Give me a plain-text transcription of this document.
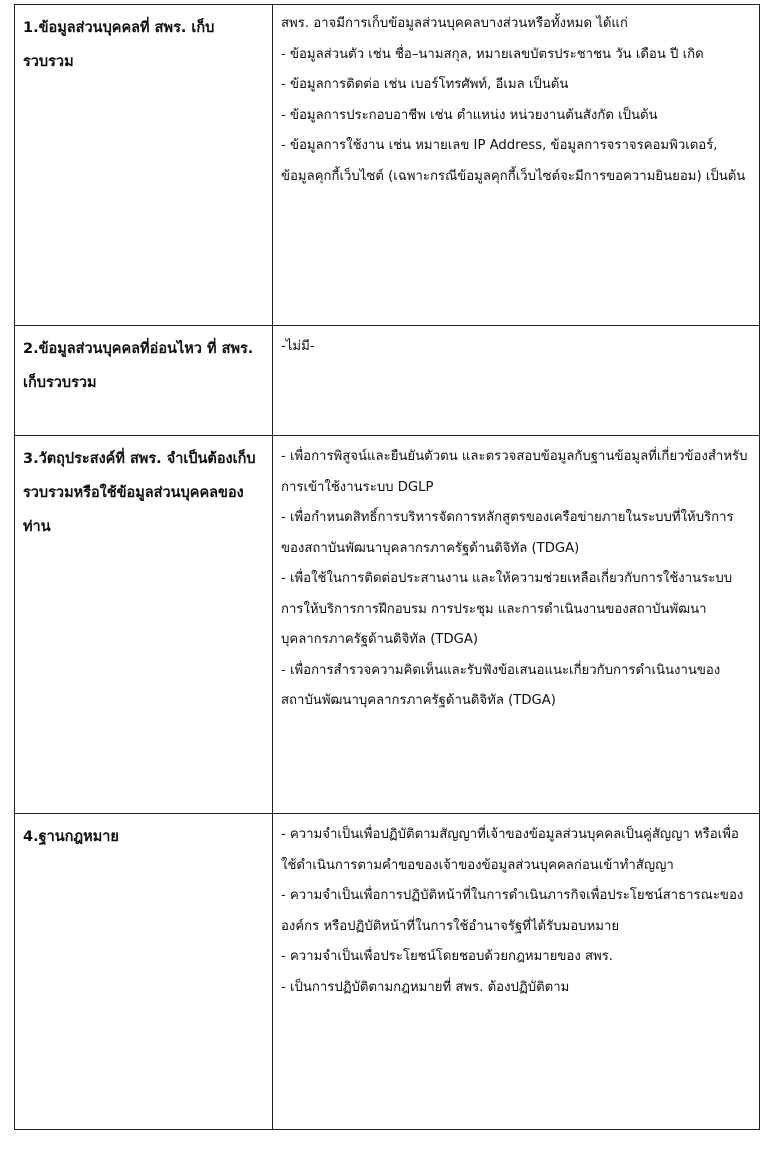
1.ข้อมูลส่วนบุคคลที่ สพร. เก็บรวบรวม	สพร. อาจมีการเก็บข้อมูลส่วนบุคคลบางส่วนหรือทั้งหมด ได้แก่
- ข้อมูลส่วนตัว เช่น ชื่อ–นามสกุล, หมายเลขบัตรประชาชน วัน เดือน ปี เกิด
- ข้อมูลการติดต่อ เช่น เบอร์โทรศัพท์, อีเมล เป็นต้น
- ข้อมูลการประกอบอาชีพ เช่น ตำแหน่ง หน่วยงานต้นสังกัด เป็นต้น
- ข้อมูลการใช้งาน เช่น หมายเลข IP Address, ข้อมูลการจราจรคอมพิวเตอร์, ข้อมูลคุกกี้เว็บไซต์ (เฉพาะกรณีข้อมูลคุกกี้เว็บไซต์จะมีการขอความยินยอม) เป็นต้น

2.ข้อมูลส่วนบุคคลที่อ่อนไหว ที่ สพร. เก็บรวบรวม	-ไม่มี-

3.วัตถุประสงค์ที่ สพร. จำเป็นต้องเก็บรวบรวมหรือใช้ข้อมูลส่วนบุคคลของท่าน	- เพื่อการพิสูจน์และยืนยันตัวตน และตรวจสอบข้อมูลกับฐานข้อมูลที่เกี่ยวข้องสำหรับการเข้าใช้งานระบบ DGLP
- เพื่อกำหนดสิทธิ์การบริหารจัดการหลักสูตรของเครือข่ายภายในระบบที่ให้บริการของสถาบันพัฒนาบุคลากรภาครัฐด้านดิจิทัล (TDGA)
- เพื่อใช้ในการติดต่อประสานงาน และให้ความช่วยเหลือเกี่ยวกับการใช้งานระบบ การให้บริการการฝึกอบรม การประชุม และการดำเนินงานของสถาบันพัฒนาบุคลากรภาครัฐด้านดิจิทัล (TDGA)
- เพื่อการสำรวจความคิดเห็นและรับฟังข้อเสนอแนะเกี่ยวกับการดำเนินงานของสถาบันพัฒนาบุคลากรภาครัฐด้านดิจิทัล (TDGA)

4.ฐานกฎหมาย	- ความจำเป็นเพื่อปฏิบัติตามสัญญาที่เจ้าของข้อมูลส่วนบุคคลเป็นคู่สัญญา หรือเพื่อใช้ดำเนินการตามคำขอของเจ้าของข้อมูลส่วนบุคคลก่อนเข้าทำสัญญา
- ความจำเป็นเพื่อการปฏิบัติหน้าที่ในการดำเนินภารกิจเพื่อประโยชน์สาธารณะขององค์กร หรือปฏิบัติหน้าที่ในการใช้อำนาจรัฐที่ได้รับมอบหมาย
- ความจำเป็นเพื่อประโยชน์โดยชอบด้วยกฎหมายของ สพร.
- เป็นการปฏิบัติตามกฎหมายที่ สพร. ต้องปฏิบัติตาม
